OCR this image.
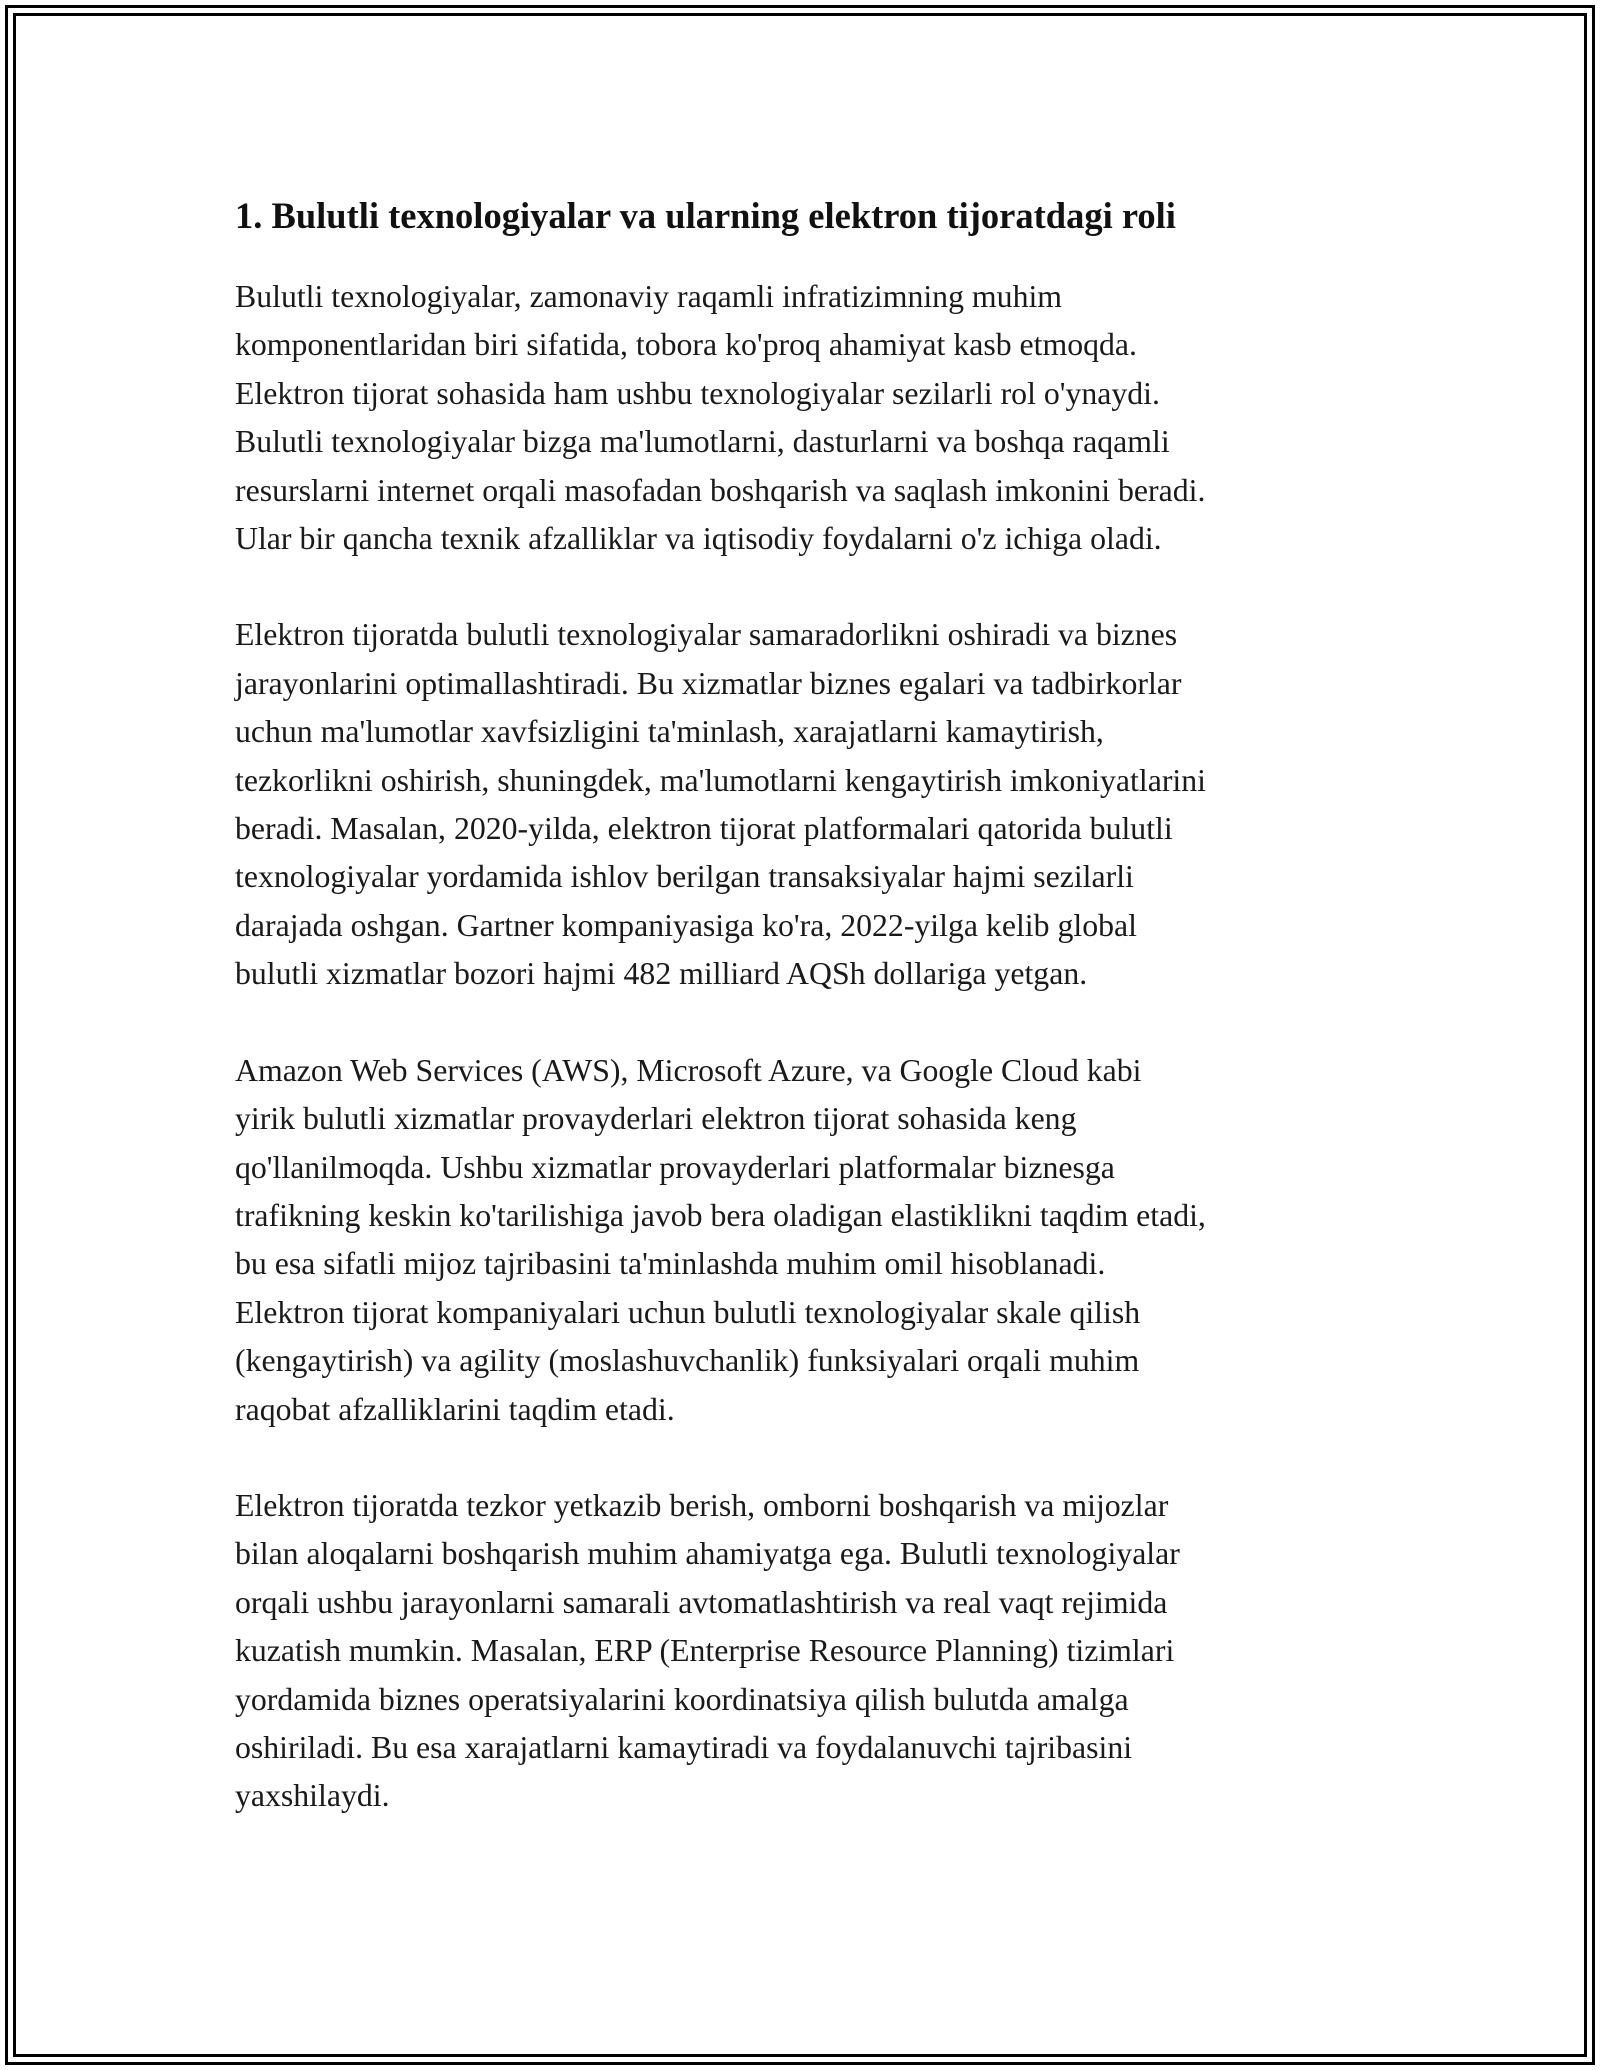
1. Bulutli texnologiyalar va ularning elektron tijoratdagi roli

Bulutli texnologiyalar, zamonaviy raqamli infratizimning muhim
komponentlaridan biri sifatida, tobora ko'proq ahamiyat kasb etmoqda.
Elektron tijorat sohasida ham ushbu texnologiyalar sezilarli rol o'ynaydi.
Bulutli texnologiyalar bizga ma'lumotlarni, dasturlarni va boshqa raqamli
resurslarni internet orqali masofadan boshqarish va saqlash imkonini beradi.
Ular bir qancha texnik afzalliklar va iqtisodiy foydalarni o'z ichiga oladi.

Elektron tijoratda bulutli texnologiyalar samaradorlikni oshiradi va biznes
jarayonlarini optimallashtiradi. Bu xizmatlar biznes egalari va tadbirkorlar
uchun ma'lumotlar xavfsizligini ta'minlash, xarajatlarni kamaytirish,
tezkorlikni oshirish, shuningdek, ma'lumotlarni kengaytirish imkoniyatlarini
beradi. Masalan, 2020-yilda, elektron tijorat platformalari qatorida bulutli
texnologiyalar yordamida ishlov berilgan transaksiyalar hajmi sezilarli
darajada oshgan. Gartner kompaniyasiga ko'ra, 2022-yilga kelib global
bulutli xizmatlar bozori hajmi 482 milliard AQSh dollariga yetgan.

Amazon Web Services (AWS), Microsoft Azure, va Google Cloud kabi
yirik bulutli xizmatlar provayderlari elektron tijorat sohasida keng
qo'llanilmoqda. Ushbu xizmatlar provayderlari platformalar biznesga
trafikning keskin ko'tarilishiga javob bera oladigan elastiklikni taqdim etadi,
bu esa sifatli mijoz tajribasini ta'minlashda muhim omil hisoblanadi.
Elektron tijorat kompaniyalari uchun bulutli texnologiyalar skale qilish
(kengaytirish) va agility (moslashuvchanlik) funksiyalari orqali muhim
raqobat afzalliklarini taqdim etadi.

Elektron tijoratda tezkor yetkazib berish, omborni boshqarish va mijozlar
bilan aloqalarni boshqarish muhim ahamiyatga ega. Bulutli texnologiyalar
orqali ushbu jarayonlarni samarali avtomatlashtirish va real vaqt rejimida
kuzatish mumkin. Masalan, ERP (Enterprise Resource Planning) tizimlari
yordamida biznes operatsiyalarini koordinatsiya qilish bulutda amalga
oshiriladi. Bu esa xarajatlarni kamaytiradi va foydalanuvchi tajribasini
yaxshilaydi.
